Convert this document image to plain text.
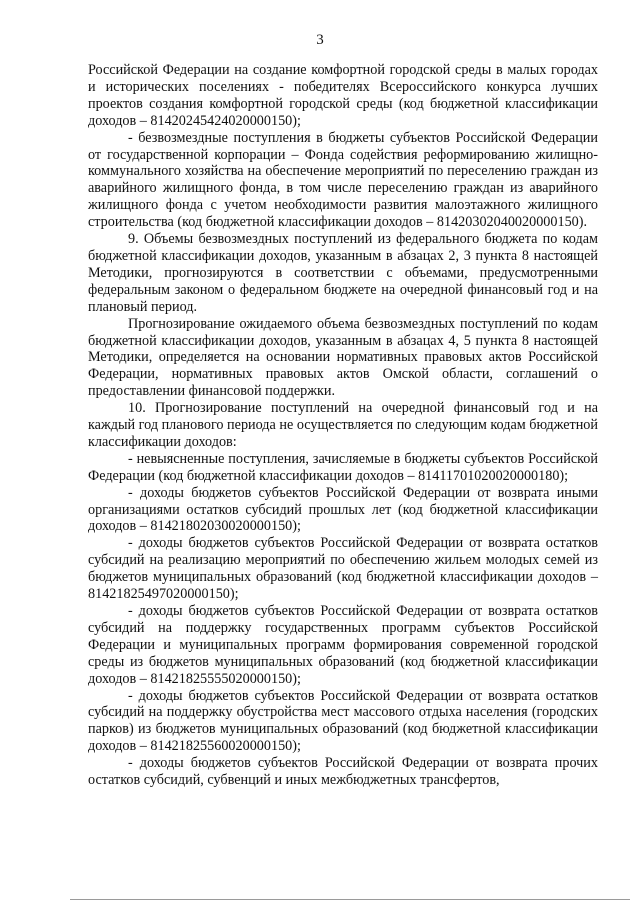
3

Российской Федерации на создание комфортной городской среды в малых городах и исторических поселениях - победителях Всероссийского конкурса лучших проектов создания комфортной городской среды (код бюджетной классификации доходов – 81420245424020000150);

- безвозмездные поступления в бюджеты субъектов Российской Федерации от государственной корпорации – Фонда содействия реформированию жилищно-коммунального хозяйства на обеспечение мероприятий по переселению граждан из аварийного жилищного фонда, в том числе переселению граждан из аварийного жилищного фонда с учетом необходимости развития малоэтажного жилищного строительства (код бюджетной классификации доходов – 81420302040020000150).

9. Объемы безвозмездных поступлений из федерального бюджета по кодам бюджетной классификации доходов, указанным в абзацах 2, 3 пункта 8 настоящей Методики, прогнозируются в соответствии с объемами, предусмотренными федеральным законом о федеральном бюджете на очередной финансовый год и на плановый период.

Прогнозирование ожидаемого объема безвозмездных поступлений по кодам бюджетной классификации доходов, указанным в абзацах 4, 5 пункта 8 настоящей Методики, определяется на основании нормативных правовых актов Российской Федерации, нормативных правовых актов Омской области, соглашений о предоставлении финансовой поддержки.

10. Прогнозирование поступлений на очередной финансовый год и на каждый год планового периода не осуществляется по следующим кодам бюджетной классификации доходов:

- невыясненные поступления, зачисляемые в бюджеты субъектов Российской Федерации (код бюджетной классификации доходов – 81411701020020000180);

- доходы бюджетов субъектов Российской Федерации от возврата иными организациями остатков субсидий прошлых лет (код бюджетной классификации доходов – 81421802030020000150);

- доходы бюджетов субъектов Российской Федерации от возврата остатков субсидий на реализацию мероприятий по обеспечению жильем молодых семей из бюджетов муниципальных образований (код бюджетной классификации доходов – 81421825497020000150);

- доходы бюджетов субъектов Российской Федерации от возврата остатков субсидий на поддержку государственных программ субъектов Российской Федерации и муниципальных программ формирования современной городской среды из бюджетов муниципальных образований (код бюджетной классификации доходов – 81421825555020000150);

- доходы бюджетов субъектов Российской Федерации от возврата остатков субсидий на поддержку обустройства мест массового отдыха населения (городских парков) из бюджетов муниципальных образований (код бюджетной классификации доходов – 81421825560020000150);

- доходы бюджетов субъектов Российской Федерации от возврата прочих остатков субсидий, субвенций и иных межбюджетных трансфертов,
